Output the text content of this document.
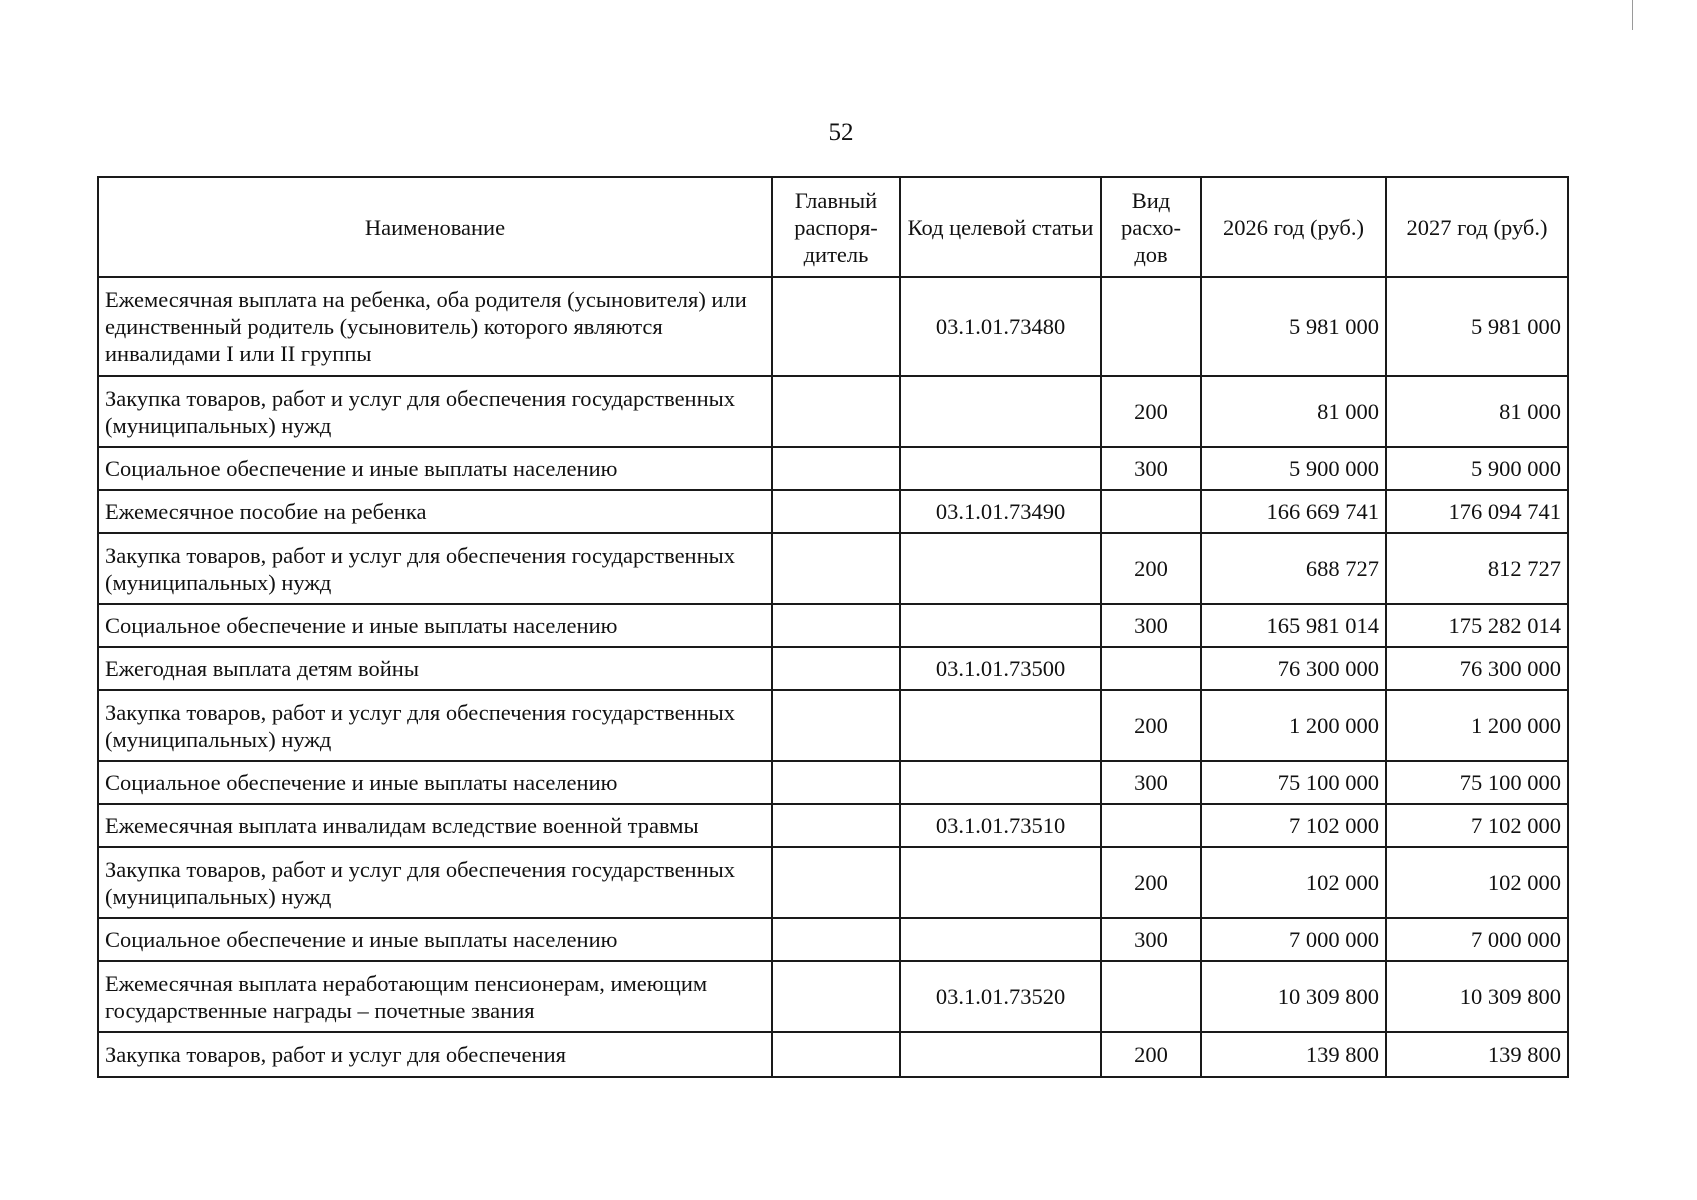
52
Наименование	Главный распоря-дитель	Код целевой статьи	Вид расхо-дов	2026 год (руб.)	2027 год (руб.)
Ежемесячная выплата на ребенка, оба родителя (усыновителя) или единственный родитель (усыновитель) которого являются инвалидами I или II группы		03.1.01.73480		5 981 000	5 981 000
Закупка товаров, работ и услуг для обеспечения государственных (муниципальных) нужд			200	81 000	81 000
Социальное обеспечение и иные выплаты населению			300	5 900 000	5 900 000
Ежемесячное пособие на ребенка		03.1.01.73490		166 669 741	176 094 741
Закупка товаров, работ и услуг для обеспечения государственных (муниципальных) нужд			200	688 727	812 727
Социальное обеспечение и иные выплаты населению			300	165 981 014	175 282 014
Ежегодная выплата детям войны		03.1.01.73500		76 300 000	76 300 000
Закупка товаров, работ и услуг для обеспечения государственных (муниципальных) нужд			200	1 200 000	1 200 000
Социальное обеспечение и иные выплаты населению			300	75 100 000	75 100 000
Ежемесячная выплата инвалидам вследствие военной травмы		03.1.01.73510		7 102 000	7 102 000
Закупка товаров, работ и услуг для обеспечения государственных (муниципальных) нужд			200	102 000	102 000
Социальное обеспечение и иные выплаты населению			300	7 000 000	7 000 000
Ежемесячная выплата неработающим пенсионерам, имеющим государственные награды – почетные звания		03.1.01.73520		10 309 800	10 309 800
Закупка товаров, работ и услуг для обеспечения			200	139 800	139 800
